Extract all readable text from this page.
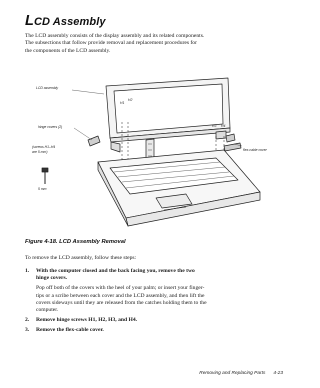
LCD Assembly

The LCD assembly consists of the display assembly and its related components.
The subsections that follow provide removal and replacement procedures for
the components of the LCD assembly.

LCD assembly
H1
H2
H3 H4
hinge covers (2)
(screws H1–H4
are 5 mm)	flex-cable cover
5 mm

Figure 4-18. LCD Assembly Removal

To remove the LCD assembly, follow these steps:

1. With the computer closed and the back facing you, remove the two
hinge covers.
Pop off both of the covers with the heel of your palm; or insert your finger-
tips or a scribe between each cover and the LCD assembly, and then lift the
covers sideways until they are released from the catches holding them to the
computer.
2. Remove hinge screws H1, H2, H3, and H4.
3. Remove the flex-cable cover.
Removing and Replacing Parts 4-23
